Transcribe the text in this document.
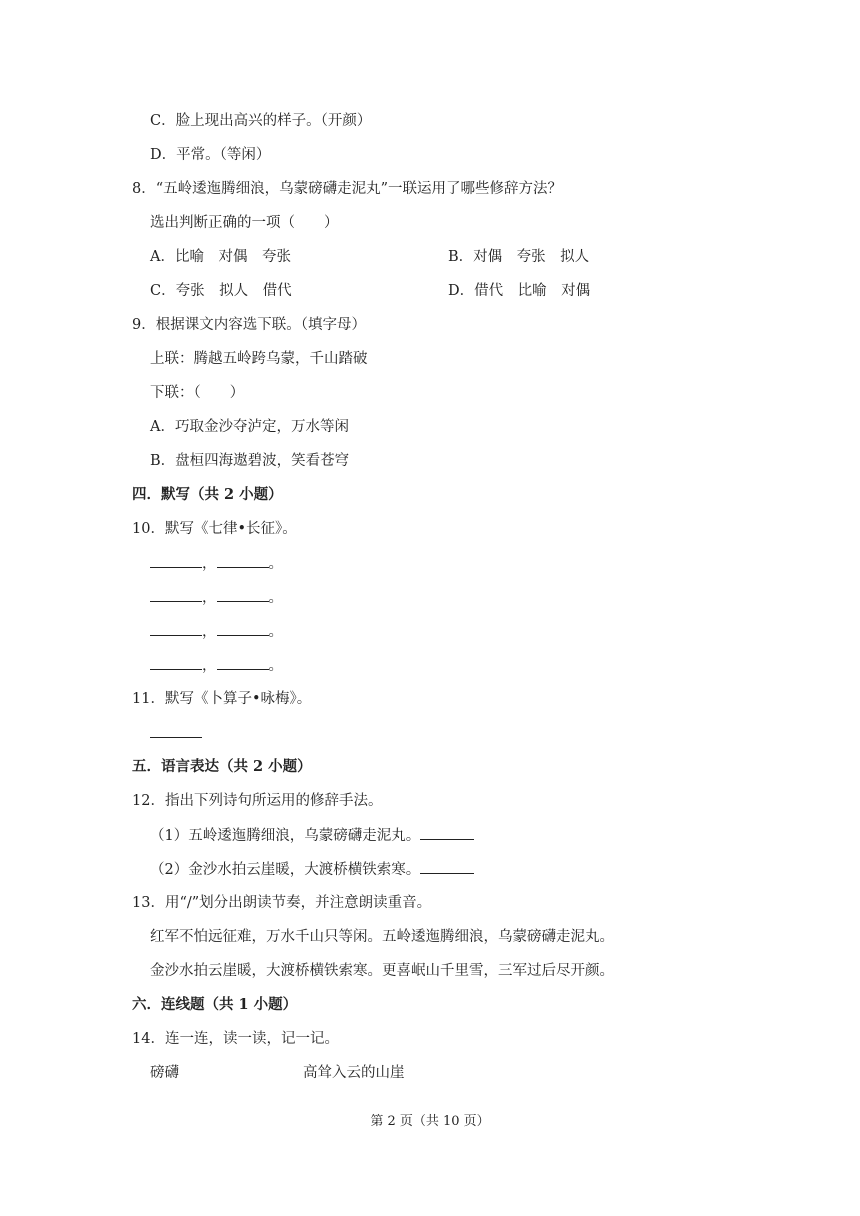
C．脸上现出高兴的样子。（开颜）
D．平常。（等闲）
8．“五岭逶迤腾细浪，乌蒙磅礴走泥丸”一联运用了哪些修辞方法？
选出判断正确的一项（　　）
A．比喻　对偶　夸张	B．对偶　夸张　拟人
C．夸张　拟人　借代	D．借代　比喻　对偶
9．根据课文内容选下联。（填字母）
上联：腾越五岭跨乌蒙，千山踏破
下联：（　　）
A．巧取金沙夺泸定，万水等闲
B．盘桓四海遨碧波，笑看苍穹
四．默写（共 2 小题）
10．默写《七律•长征》。
，	。
，	。
，	。
，	。
11．默写《卜算子•咏梅》。
五．语言表达（共 2 小题）
12．指出下列诗句所运用的修辞手法。
（1）五岭逶迤腾细浪，乌蒙磅礴走泥丸。
（2）金沙水拍云崖暖，大渡桥横铁索寒。
13．用“/”划分出朗读节奏，并注意朗读重音。
红军不怕远征难，万水千山只等闲。五岭逶迤腾细浪，乌蒙磅礴走泥丸。
金沙水拍云崖暖，大渡桥横铁索寒。更喜岷山千里雪，三军过后尽开颜。
六．连线题（共 1 小题）
14．连一连，读一读，记一记。
磅礴	高耸入云的山崖
第 2 页（共 10 页）
